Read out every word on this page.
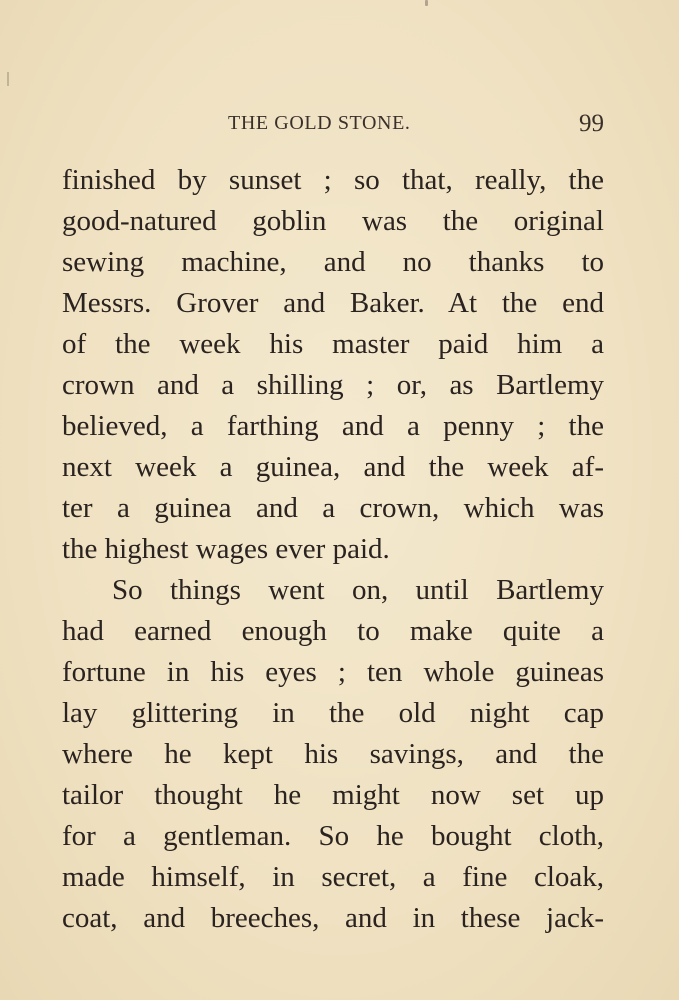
THE GOLD STONE.	99
finished by sunset ; so that, really, the
good-natured goblin was the original
sewing machine, and no thanks to
Messrs. Grover and Baker. At the end
of the week his master paid him a
crown and a shilling ; or, as Bartlemy
believed, a farthing and a penny ; the
next week a guinea, and the week af-
ter a guinea and a crown, which was
the highest wages ever paid.
So things went on, until Bartlemy
had earned enough to make quite a
fortune in his eyes ; ten whole guineas
lay glittering in the old night cap
where he kept his savings, and the
tailor thought he might now set up
for a gentleman. So he bought cloth,
made himself, in secret, a fine cloak,
coat, and breeches, and in these jack-
